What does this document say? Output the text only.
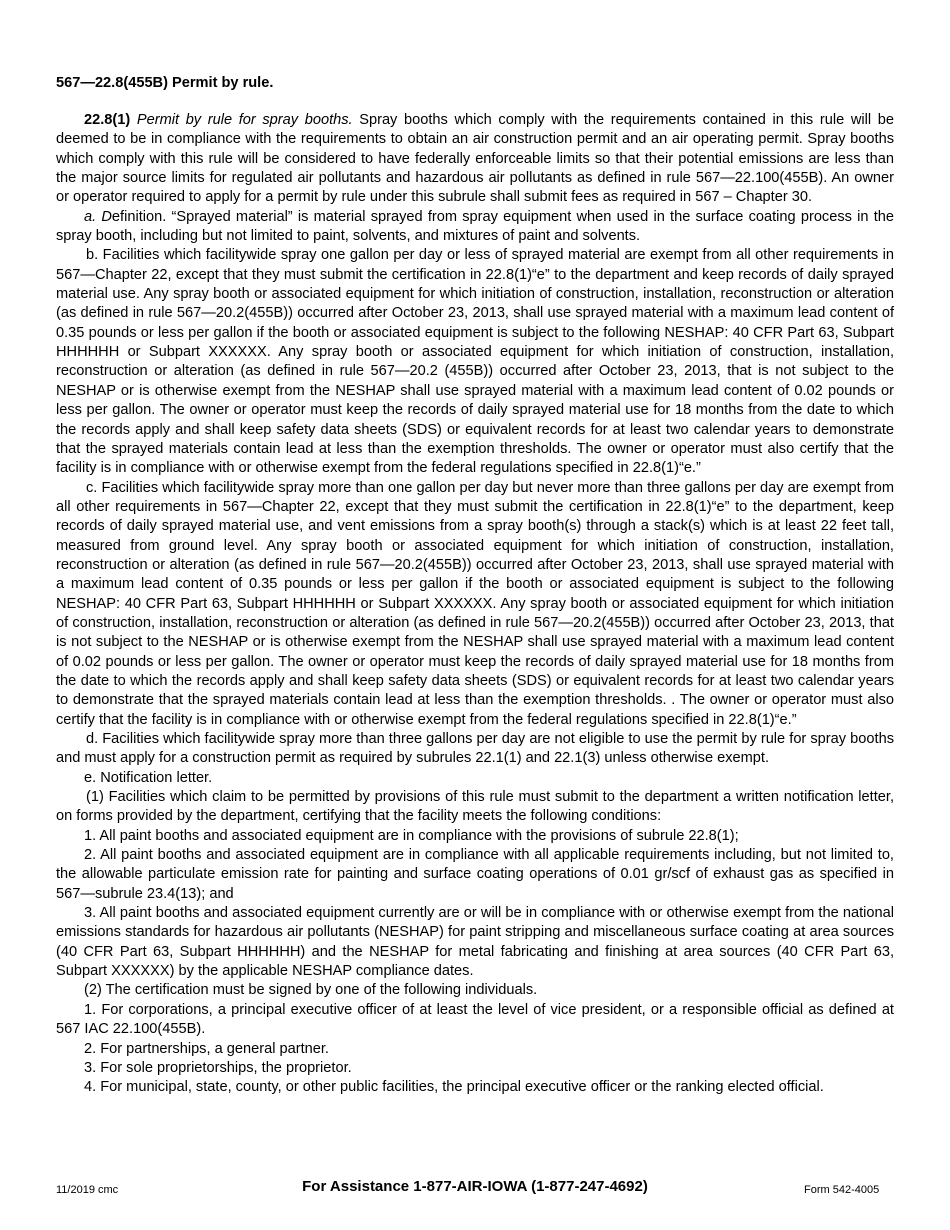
567—22.8(455B) Permit by rule.

22.8(1) Permit by rule for spray booths. Spray booths which comply with the requirements contained in this rule will be deemed to be in compliance with the requirements to obtain an air construction permit and an air operating permit. Spray booths which comply with this rule will be considered to have federally enforceable limits so that their potential emissions are less than the major source limits for regulated air pollutants and hazardous air pollutants as defined in rule 567—22.100(455B). An owner or operator required to apply for a permit by rule under this subrule shall submit fees as required in 567 – Chapter 30.

a. Definition. “Sprayed material” is material sprayed from spray equipment when used in the surface coating process in the spray booth, including but not limited to paint, solvents, and mixtures of paint and solvents.

b. Facilities which facilitywide spray one gallon per day or less of sprayed material are exempt from all other requirements in 567—Chapter 22, except that they must submit the certification in 22.8(1)“e” to the department and keep records of daily sprayed material use. Any spray booth or associated equipment for which initiation of construction, installation, reconstruction or alteration (as defined in rule 567—20.2(455B)) occurred after October 23, 2013, shall use sprayed material with a maximum lead content of 0.35 pounds or less per gallon if the booth or associated equipment is subject to the following NESHAP: 40 CFR Part 63, Subpart HHHHHH or Subpart XXXXXX. Any spray booth or associated equipment for which initiation of construction, installation, reconstruction or alteration (as defined in rule 567—20.2 (455B)) occurred after October 23, 2013, that is not subject to the NESHAP or is otherwise exempt from the NESHAP shall use sprayed material with a maximum lead content of 0.02 pounds or less per gallon. The owner or operator must keep the records of daily sprayed material use for 18 months from the date to which the records apply and shall keep safety data sheets (SDS) or equivalent records for at least two calendar years to demonstrate that the sprayed materials contain lead at less than the exemption thresholds. The owner or operator must also certify that the facility is in compliance with or otherwise exempt from the federal regulations specified in 22.8(1)“e.”

c. Facilities which facilitywide spray more than one gallon per day but never more than three gallons per day are exempt from all other requirements in 567—Chapter 22, except that they must submit the certification in 22.8(1)“e” to the department, keep records of daily sprayed material use, and vent emissions from a spray booth(s) through a stack(s) which is at least 22 feet tall, measured from ground level. Any spray booth or associated equipment for which initiation of construction, installation, reconstruction or alteration (as defined in rule 567—20.2(455B)) occurred after October 23, 2013, shall use sprayed material with a maximum lead content of 0.35 pounds or less per gallon if the booth or associated equipment is subject to the following NESHAP: 40 CFR Part 63, Subpart HHHHHH or Subpart XXXXXX. Any spray booth or associated equipment for which initiation of construction, installation, reconstruction or alteration (as defined in rule 567—20.2(455B)) occurred after October 23, 2013, that is not subject to the NESHAP or is otherwise exempt from the NESHAP shall use sprayed material with a maximum lead content of 0.02 pounds or less per gallon. The owner or operator must keep the records of daily sprayed material use for 18 months from the date to which the records apply and shall keep safety data sheets (SDS) or equivalent records for at least two calendar years to demonstrate that the sprayed materials contain lead at less than the exemption thresholds. . The owner or operator must also certify that the facility is in compliance with or otherwise exempt from the federal regulations specified in 22.8(1)“e.”

d. Facilities which facilitywide spray more than three gallons per day are not eligible to use the permit by rule for spray booths and must apply for a construction permit as required by subrules 22.1(1) and 22.1(3) unless otherwise exempt.

e. Notification letter.

(1) Facilities which claim to be permitted by provisions of this rule must submit to the department a written notification letter, on forms provided by the department, certifying that the facility meets the following conditions:

1. All paint booths and associated equipment are in compliance with the provisions of subrule 22.8(1);

2. All paint booths and associated equipment are in compliance with all applicable requirements including, but not limited to, the allowable particulate emission rate for painting and surface coating operations of 0.01 gr/scf of exhaust gas as specified in 567—subrule 23.4(13); and

3. All paint booths and associated equipment currently are or will be in compliance with or otherwise exempt from the national emissions standards for hazardous air pollutants (NESHAP) for paint stripping and miscellaneous surface coating at area sources (40 CFR Part 63, Subpart HHHHHH) and the NESHAP for metal fabricating and finishing at area sources (40 CFR Part 63, Subpart XXXXXX) by the applicable NESHAP compliance dates.

(2) The certification must be signed by one of the following individuals.

1. For corporations, a principal executive officer of at least the level of vice president, or a responsible official as defined at 567 IAC 22.100(455B).

2. For partnerships, a general partner.

3. For sole proprietorships, the proprietor.

4. For municipal, state, county, or other public facilities, the principal executive officer or the ranking elected official.

11/2019 cmc	For Assistance 1-877-AIR-IOWA (1-877-247-4692)	Form 542-4005
